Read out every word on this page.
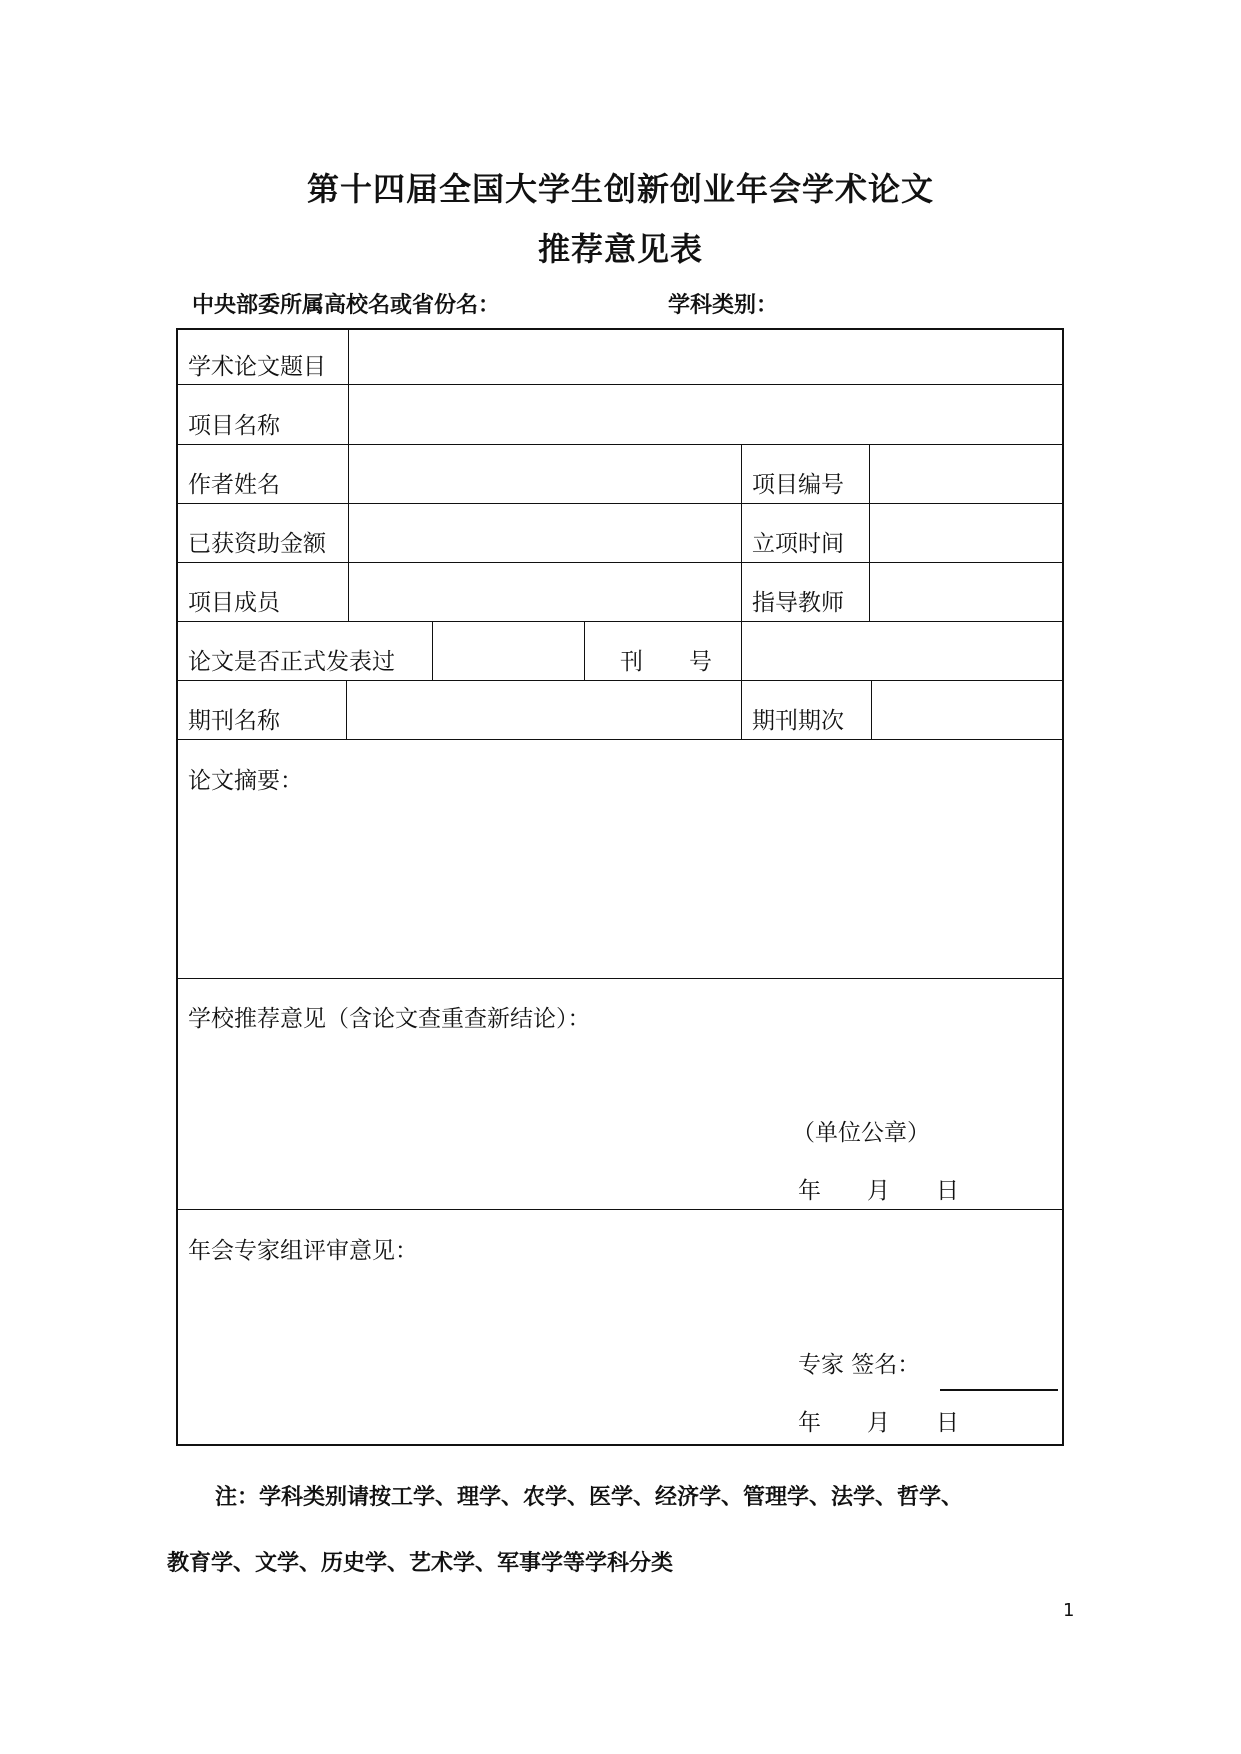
第十四届全国大学生创新创业年会学术论文
推荐意见表
中央部委所属高校名或省份名：	学科类别：
学术论文题目
项目名称
作者姓名	项目编号
已获资助金额	立项时间
项目成员	指导教师
论文是否正式发表过	刊　　号
期刊名称	期刊期次
论文摘要：
学校推荐意见（含论文查重查新结论）：
（单位公章）
年　　月　　日
年会专家组评审意见：
专家 签名：
年　　月　　日
注：学科类别请按工学、理学、农学、医学、经济学、管理学、法学、哲学、
教育学、文学、历史学、艺术学、军事学等学科分类
1
